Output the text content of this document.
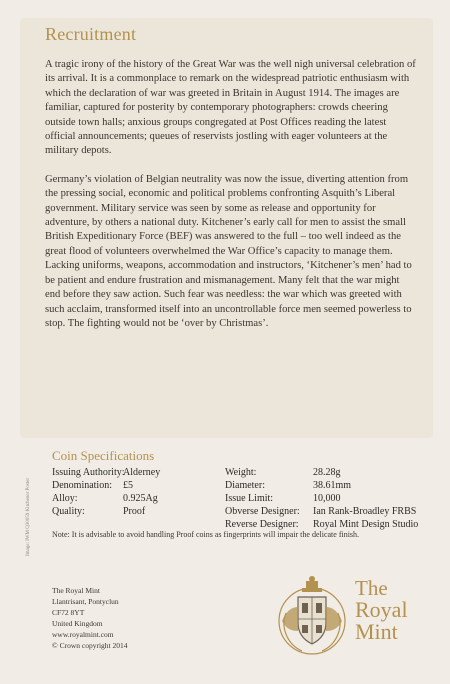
Recruitment

A tragic irony of the history of the Great War was the well nigh universal celebration of its arrival. It is a commonplace to remark on the widespread patriotic enthusiasm with which the declaration of war was greeted in Britain in August 1914. The images are familiar, captured for posterity by contemporary photographers: crowds cheering outside town halls; anxious groups congregated at Post Offices reading the latest official announcements; queues of reservists jostling with eager volunteers at the military depots.

Germany’s violation of Belgian neutrality was now the issue, diverting attention from the pressing social, economic and political problems confronting Asquith’s Liberal government. Military service was seen by some as release and opportunity for adventure, by others a national duty. Kitchener’s early call for men to assist the small British Expeditionary Force (BEF) was answered to the full – too well indeed as the great flood of volunteers overwhelmed the War Office’s capacity to manage them. Lacking uniforms, weapons, accommodation and instructors, ‘Kitchener’s men’ had to be patient and endure frustration and mismanagement. Many felt that the war might end before they saw action. Such fear was needless: the war which was greeted with such acclaim, transformed itself into an uncontrollable force men seemed powerless to stop. The fighting would not be ‘over by Christmas’.

Image: IWM Q30059 Kitchener Poster
Coin Specifications
Issuing Authority:
Alderney
Denomination:	£5
Alloy:	0.925Ag
Quality:	Proof
Weight:	28.28g
Diameter:	38.61mm
Issue Limit:	10,000
Obverse Designer:	Ian Rank-Broadley FRBS
Reverse Designer:	Royal Mint Design Studio
Note: It is advisable to avoid handling Proof coins as fingerprints will impair the delicate finish.
The Royal Mint
Llantrisant, Pontyclun
CF72 8YT
United Kingdom
www.royalmint.com
© Crown copyright 2014
The
Royal
Mint
